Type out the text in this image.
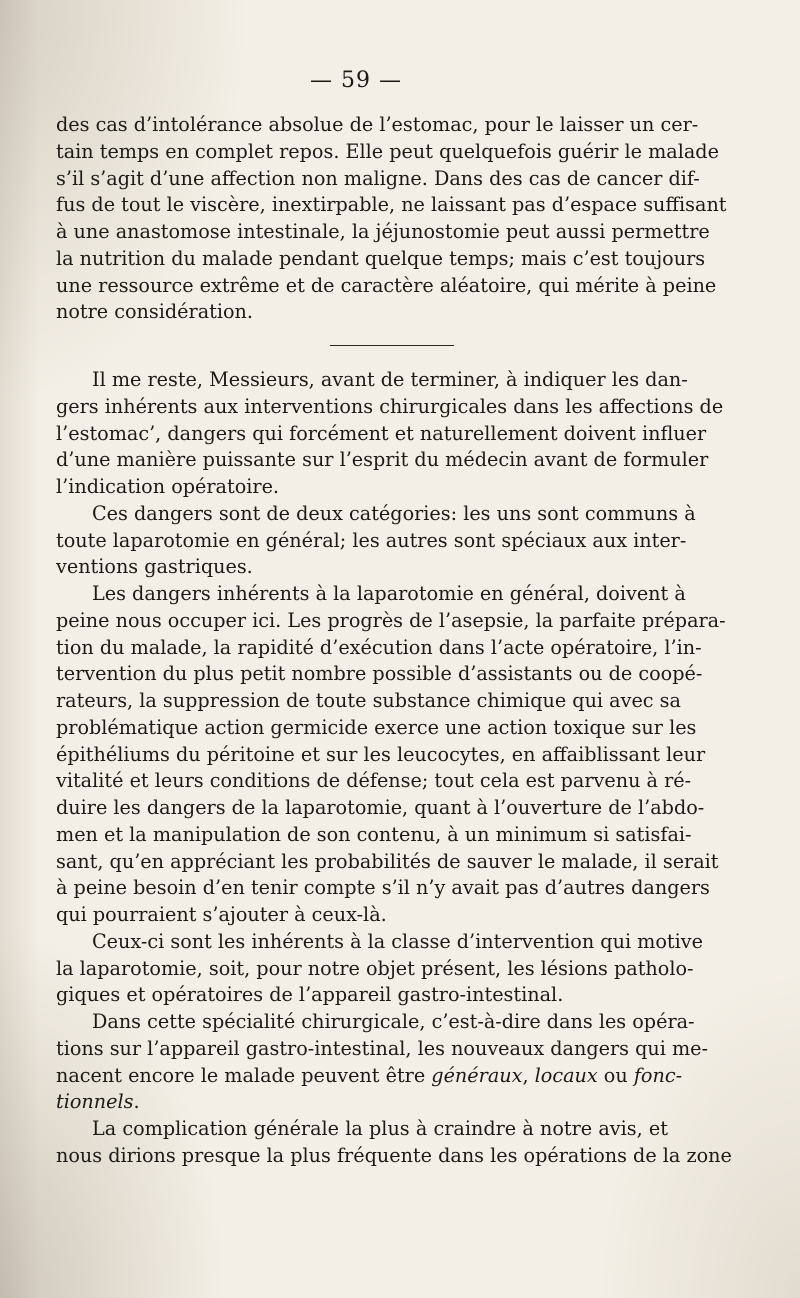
— 59 —
des cas d’intolérance absolue de l’estomac, pour le laisser un cer-
tain temps en complet repos. Elle peut quelquefois guérir le malade
s’il s’agit d’une affection non maligne. Dans des cas de cancer dif-
fus de tout le viscère, inextirpable, ne laissant pas d’espace suffisant
à une anastomose intestinale, la jéjunostomie peut aussi permettre
la nutrition du malade pendant quelque temps; mais c’est toujours
une ressource extrême et de caractère aléatoire, qui mérite à peine
notre considération.
Il me reste, Messieurs, avant de terminer, à indiquer les dan-
gers inhérents aux interventions chirurgicales dans les affections de
l’estomac’, dangers qui forcément et naturellement doivent influer
d’une manière puissante sur l’esprit du médecin avant de formuler
l’indication opératoire.
Ces dangers sont de deux catégories: les uns sont communs à
toute laparotomie en général; les autres sont spéciaux aux inter-
ventions gastriques.
Les dangers inhérents à la laparotomie en général, doivent à
peine nous occuper ici. Les progrès de l’asepsie, la parfaite prépara-
tion du malade, la rapidité d’exécution dans l’acte opératoire, l’in-
tervention du plus petit nombre possible d’assistants ou de coopé-
rateurs, la suppression de toute substance chimique qui avec sa
problématique action germicide exerce une action toxique sur les
épithéliums du péritoine et sur les leucocytes, en affaiblissant leur
vitalité et leurs conditions de défense; tout cela est parvenu à ré-
duire les dangers de la laparotomie, quant à l’ouverture de l’abdo-
men et la manipulation de son contenu, à un minimum si satisfai-
sant, qu’en appréciant les probabilités de sauver le malade, il serait
à peine besoin d’en tenir compte s’il n’y avait pas d’autres dangers
qui pourraient s’ajouter à ceux-là.
Ceux-ci sont les inhérents à la classe d’intervention qui motive
la laparotomie, soit, pour notre objet présent, les lésions patholo-
giques et opératoires de l’appareil gastro-intestinal.
Dans cette spécialité chirurgicale, c’est-à-dire dans les opéra-
tions sur l’appareil gastro-intestinal, les nouveaux dangers qui me-
nacent encore le malade peuvent être généraux, locaux ou fonc-
tionnels.
La complication générale la plus à craindre à notre avis, et
nous dirions presque la plus fréquente dans les opérations de la zone
